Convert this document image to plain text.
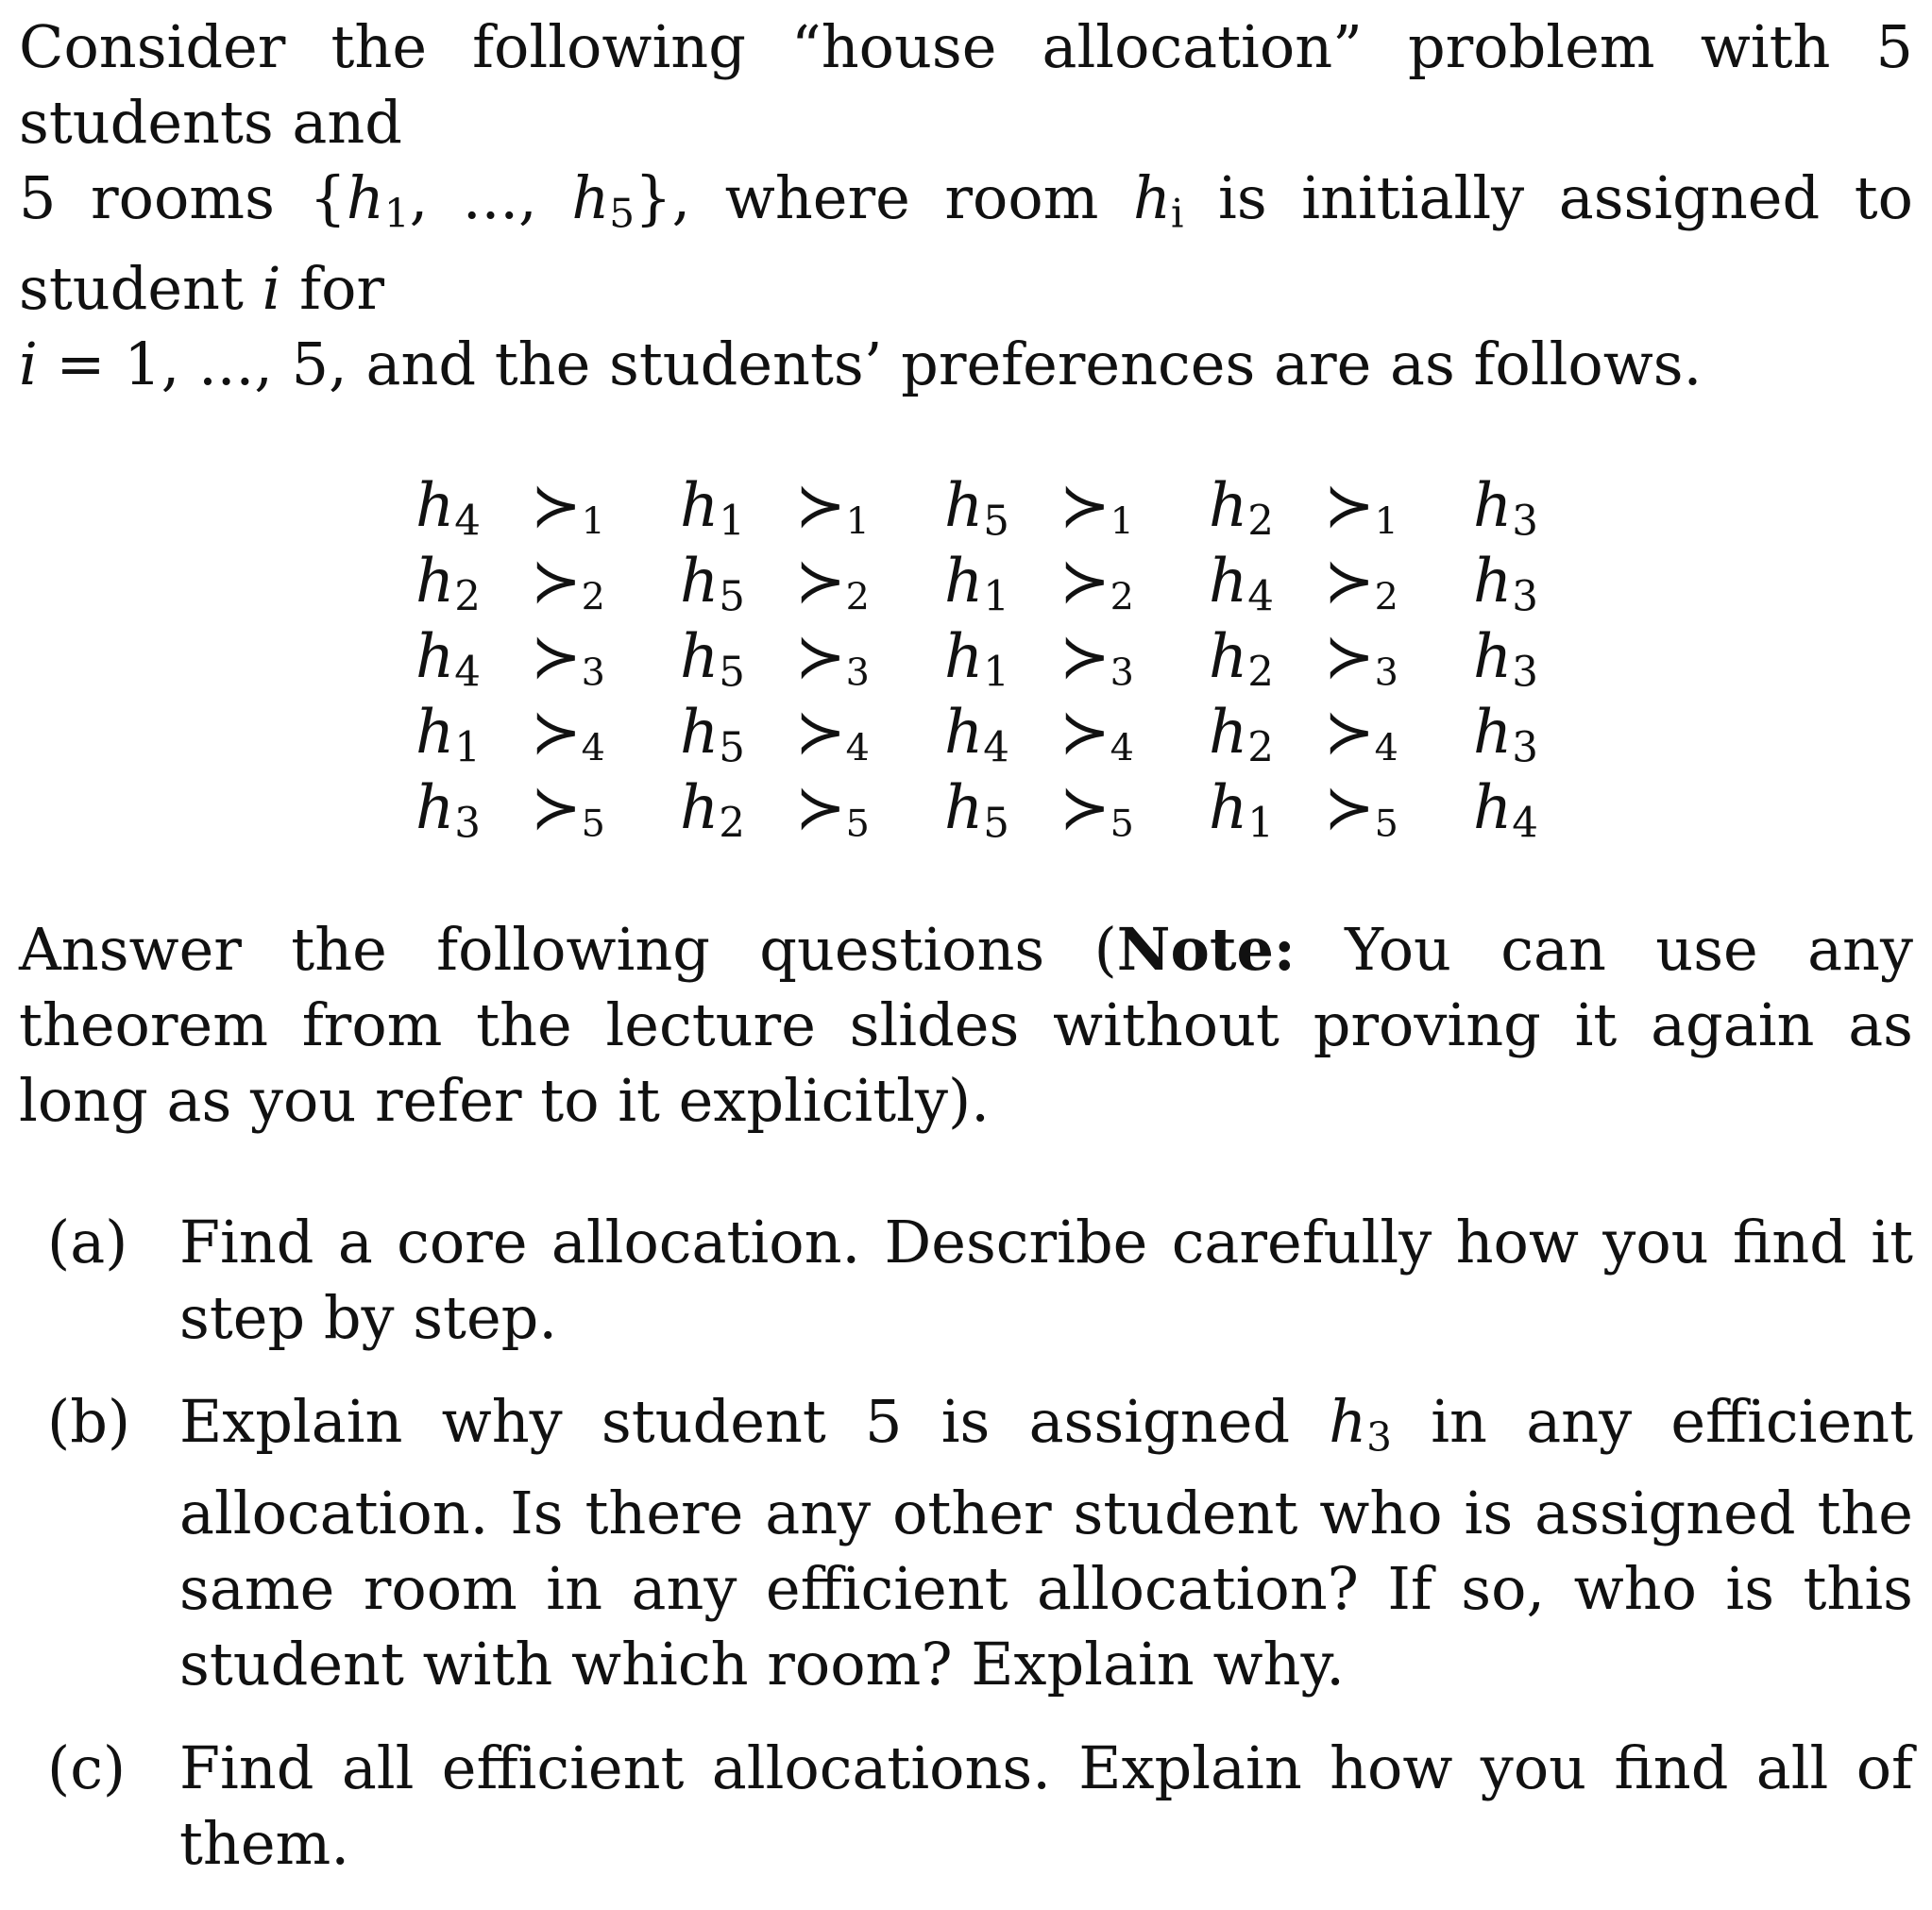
Consider the following “house allocation” problem with 5 students and
5 rooms {$h_1$, ..., $h_5$}, where room $h_i$ is initially assigned to student i for
i = 1, ..., 5, and the students’ preferences are as follows.
$h_4$ $≻_1$	$h_1$ $≻_1$	$h_5$ $≻_1$	$h_2$ $≻_1$	$h_3$
$h_2$ $≻_2$	$h_5$ $≻_2$	$h_1$ $≻_2$	$h_4$ $≻_2$	$h_3$
$h_4$ $≻_3$	$h_5$ $≻_3$	$h_1$ $≻_3$	$h_2$ $≻_3$	$h_3$
$h_1$ $≻_4$	$h_5$ $≻_4$	$h_4$ $≻_4$	$h_2$ $≻_4$	$h_3$
$h_3$ $≻_5$	$h_2$ $≻_5$	$h_5$ $≻_5$	$h_1$ $≻_5$	$h_4$
Answer the following questions (Note: You can use any theorem from the lecture slides without proving it again as long as you refer to it explicitly).
(a) Find a core allocation. Describe carefully how you find it step by step.
(b) Explain why student 5 is assigned $h_3$ in any efficient allocation. Is there any other student who is assigned the same room in any efficient allocation? If so, who is this student with which room? Explain why.
(c) Find all efficient allocations. Explain how you find all of them.
